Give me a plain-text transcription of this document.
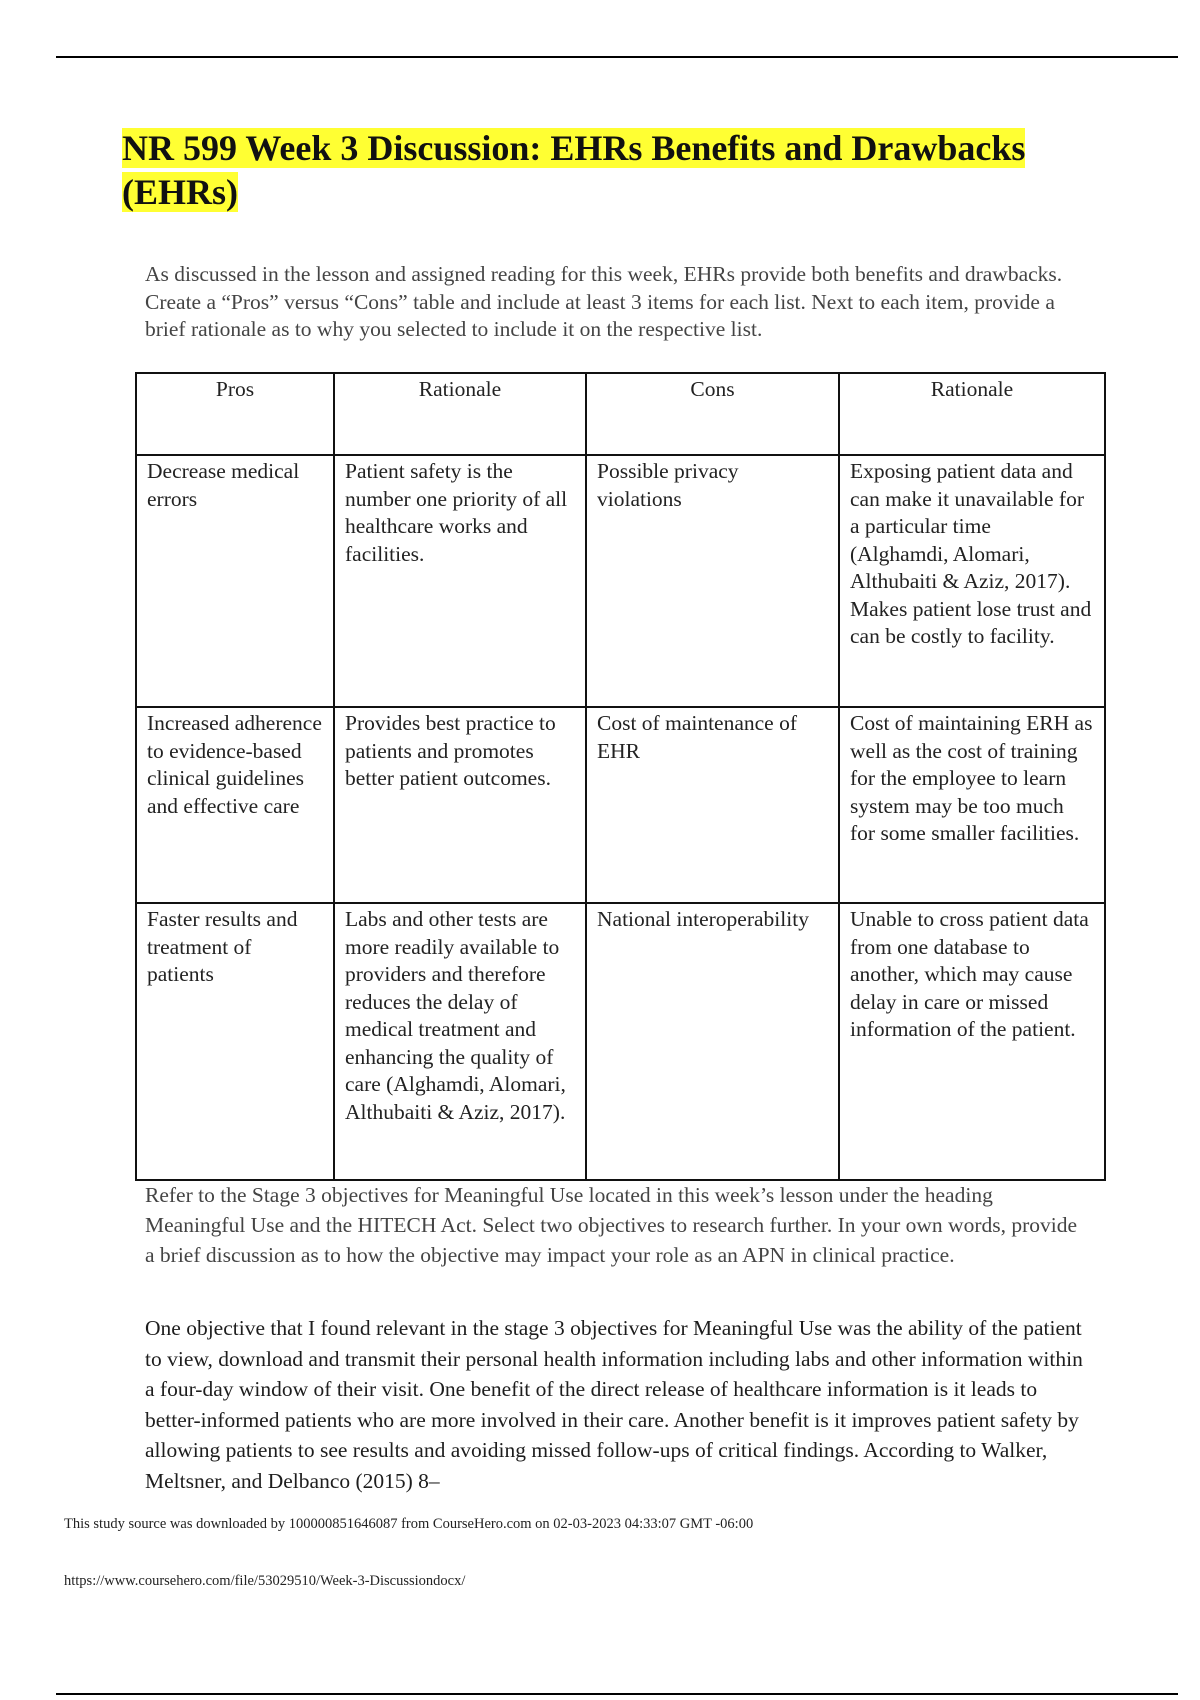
NR 599 Week 3 Discussion: EHRs Benefits and Drawbacks (EHRs)

As discussed in the lesson and assigned reading for this week, EHRs provide both benefits and drawbacks. Create a “Pros” versus “Cons” table and include at least 3 items for each list. Next to each item, provide a brief rationale as to why you selected to include it on the respective list.

Pros	Rationale	Cons	Rationale
Decrease medical errors	Patient safety is the number one priority of all healthcare works and facilities.	Possible privacy violations	Exposing patient data and can make it unavailable for a particular time (Alghamdi, Alomari, Althubaiti & Aziz, 2017). Makes patient lose trust and can be costly to facility.
Increased adherence to evidence-based clinical guidelines and effective care	Provides best practice to patients and promotes better patient outcomes.	Cost of maintenance of EHR	Cost of maintaining ERH as well as the cost of training for the employee to learn system may be too much for some smaller facilities.
Faster results and treatment of patients	Labs and other tests are more readily available to providers and therefore reduces the delay of medical treatment and enhancing the quality of care (Alghamdi, Alomari, Althubaiti & Aziz, 2017).	National interoperability	Unable to cross patient data from one database to another, which may cause delay in care or missed information of the patient.

Refer to the Stage 3 objectives for Meaningful Use located in this week’s lesson under the heading Meaningful Use and the HITECH Act. Select two objectives to research further. In your own words, provide a brief discussion as to how the objective may impact your role as an APN in clinical practice.

One objective that I found relevant in the stage 3 objectives for Meaningful Use was the ability of the patient to view, download and transmit their personal health information including labs and other information within a four-day window of their visit. One benefit of the direct release of healthcare information is it leads to better-informed patients who are more involved in their care. Another benefit is it improves patient safety by allowing patients to see results and avoiding missed follow-ups of critical findings. According to Walker, Meltsner, and Delbanco (2015) 8–

This study source was downloaded by 100000851646087 from CourseHero.com on 02-03-2023 04:33:07 GMT -06:00

https://www.coursehero.com/file/53029510/Week-3-Discussiondocx/
